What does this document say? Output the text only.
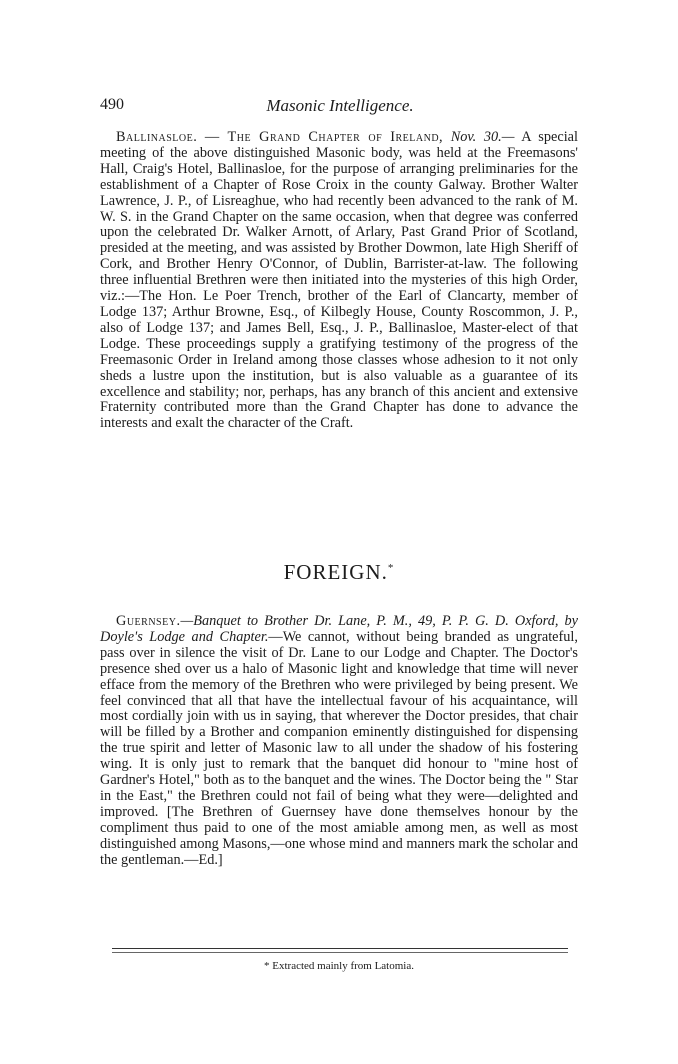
490	Masonic Intelligence.

Ballinasloe. — The Grand Chapter of Ireland, Nov. 30.— A special meeting of the above distinguished Masonic body, was held at the Freemasons' Hall, Craig's Hotel, Ballinasloe, for the purpose of arranging preliminaries for the establishment of a Chapter of Rose Croix in the county Galway. Brother Walter Lawrence, J. P., of Lisreaghue, who had recently been advanced to the rank of M. W. S. in the Grand Chapter on the same occasion, when that degree was conferred upon the celebrated Dr. Walker Arnott, of Arlary, Past Grand Prior of Scotland, presided at the meeting, and was assisted by Brother Dowmon, late High Sheriff of Cork, and Brother Henry O'Connor, of Dublin, Barrister-at-law. The following three influential Brethren were then initiated into the mysteries of this high Order, viz.:—The Hon. Le Poer Trench, brother of the Earl of Clancarty, member of Lodge 137; Arthur Browne, Esq., of Kilbegly House, County Roscommon, J. P., also of Lodge 137; and James Bell, Esq., J. P., Ballinasloe, Master-elect of that Lodge. These proceedings supply a gratifying testimony of the progress of the Freemasonic Order in Ireland among those classes whose adhesion to it not only sheds a lustre upon the institution, but is also valuable as a guarantee of its excellence and stability; nor, perhaps, has any branch of this ancient and extensive Fraternity contributed more than the Grand Chapter has done to advance the interests and exalt the character of the Craft.

FOREIGN.*

Guernsey.—Banquet to Brother Dr. Lane, P. M., 49, P. P. G. D. Oxford, by Doyle's Lodge and Chapter.—We cannot, without being branded as ungrateful, pass over in silence the visit of Dr. Lane to our Lodge and Chapter. The Doctor's presence shed over us a halo of Masonic light and knowledge that time will never efface from the memory of the Brethren who were privileged by being present. We feel convinced that all that have the intellectual favour of his acquaintance, will most cordially join with us in saying, that wherever the Doctor presides, that chair will be filled by a Brother and companion eminently distinguished for dispensing the true spirit and letter of Masonic law to all under the shadow of his fostering wing. It is only just to remark that the banquet did honour to "mine host of Gardner's Hotel," both as to the banquet and the wines. The Doctor being the " Star in the East," the Brethren could not fail of being what they were—delighted and improved. [The Brethren of Guernsey have done themselves honour by the compliment thus paid to one of the most amiable among men, as well as most distinguished among Masons,—one whose mind and manners mark the scholar and the gentleman.—Ed.]

* Extracted mainly from Latomia.
